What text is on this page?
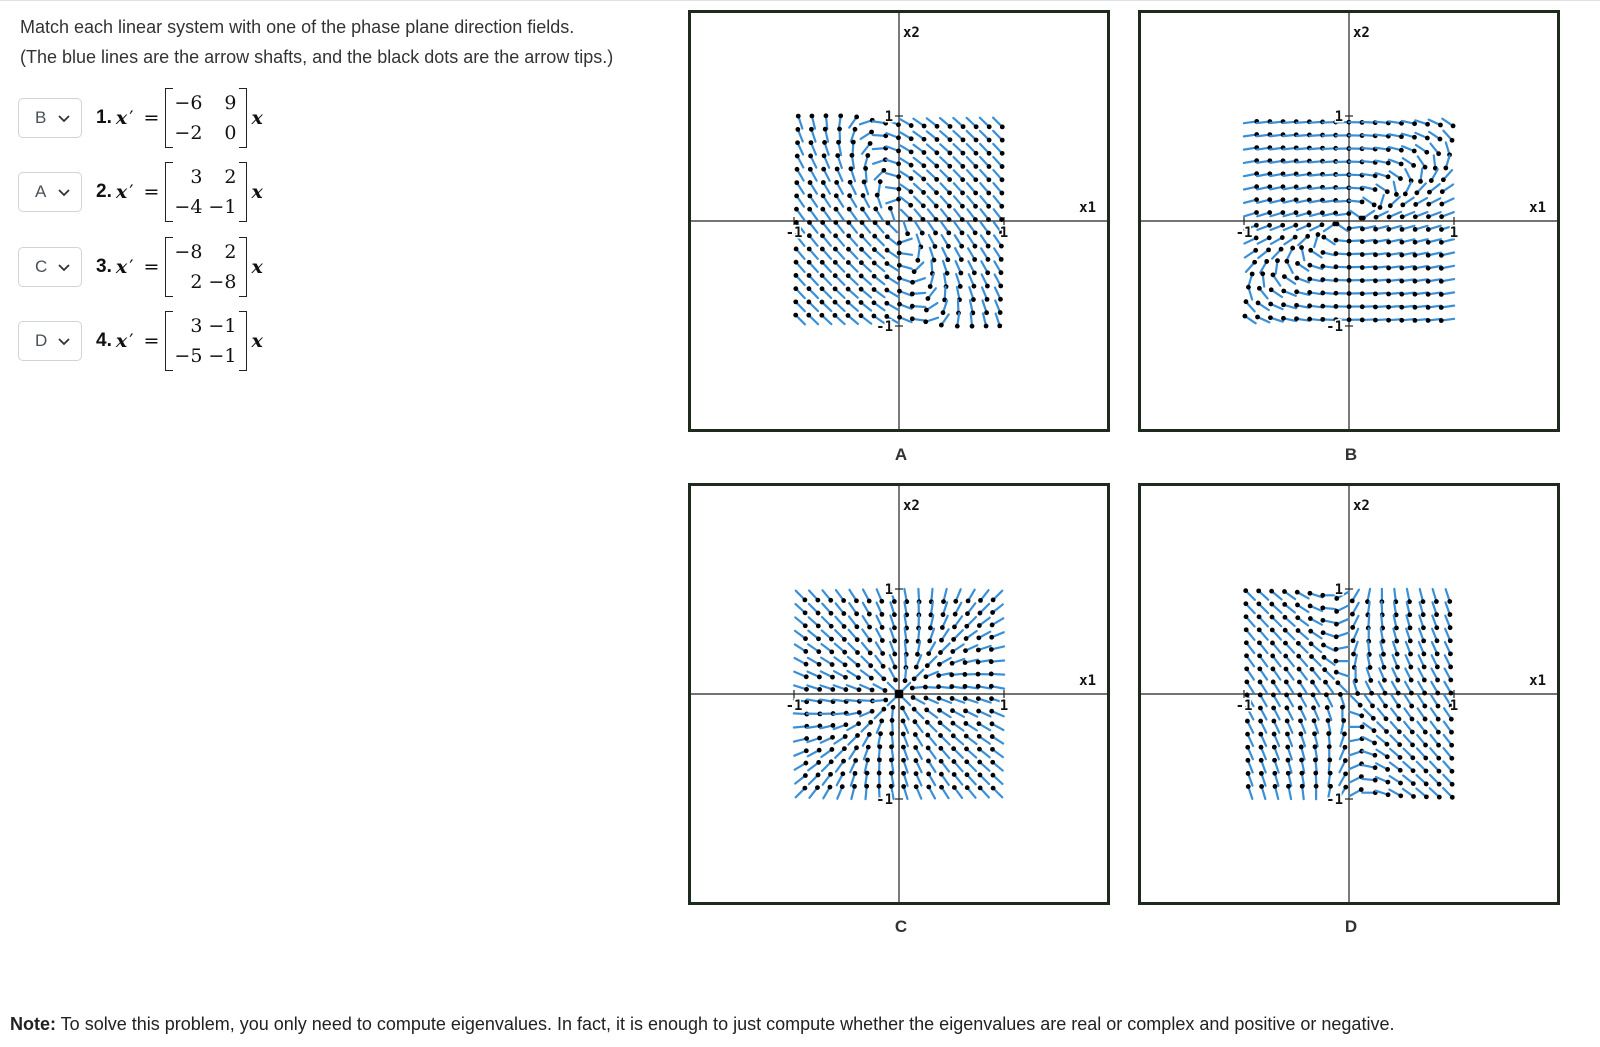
Match each linear system with one of the phase plane direction fields.
(The blue lines are the arrow shafts, and the black dots are the arrow tips.)
B	1. x ′ =
−6	9
−2	0
x
A	2. x ′ =
3	2
−4 −1
x
C	3. x ′ =
−8	2
2 −8
x
D	4. x ′ =
3 −1
−5 −1
x
1
-1
1
-1
x1
x2
A
1
-1
1
-1
x1
x2
B
1
-1
1
-1
x1
x2
C
1
-1
1
-1
x1
x2
D
Note: To solve this problem, you only need to compute eigenvalues. In fact, it is enough to just compute whether the eigenvalues are real or complex and positive or negative.
